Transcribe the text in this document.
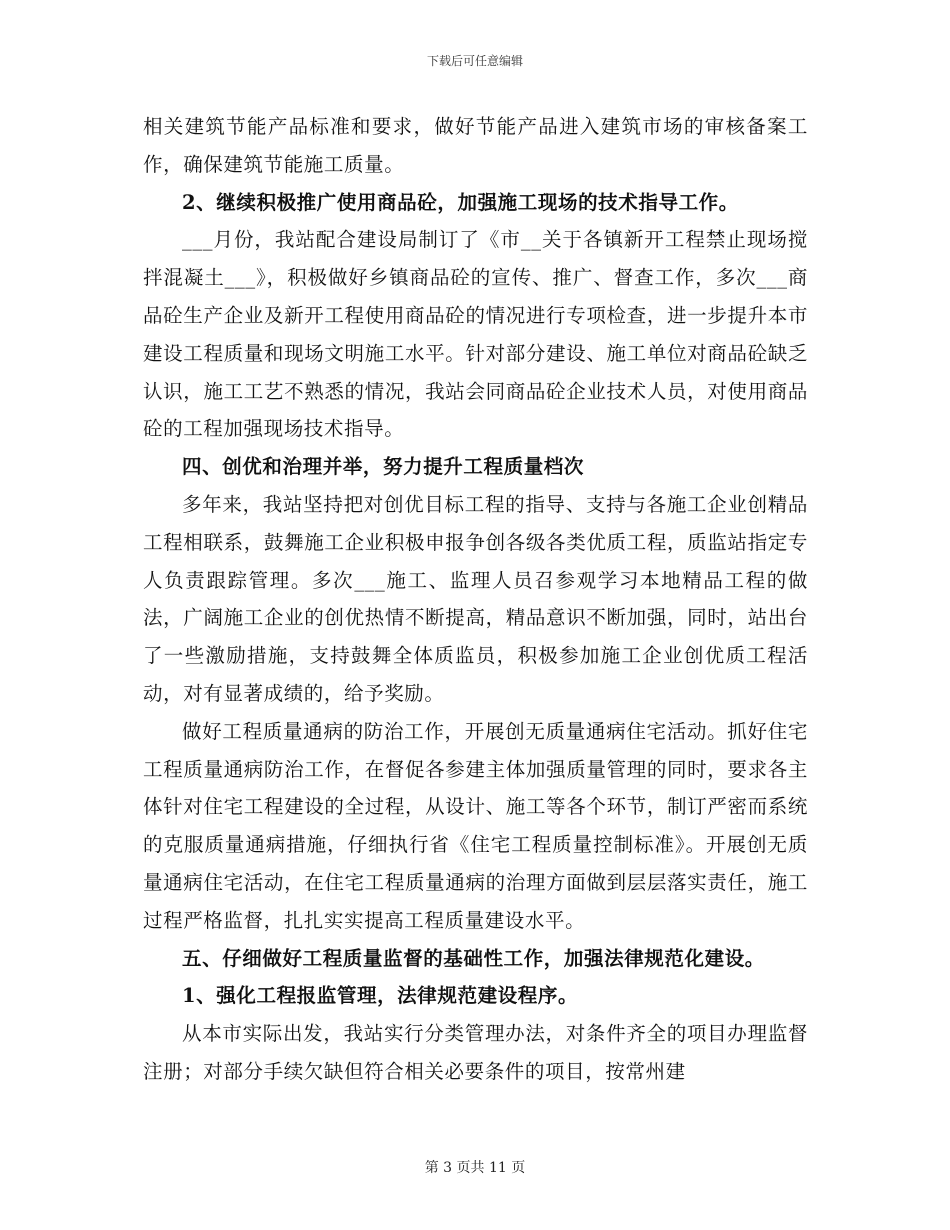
下载后可任意编辑

相关建筑节能产品标准和要求，做好节能产品进入建筑市场的审核备案工作，确保建筑节能施工质量。

2、继续积极推广使用商品砼，加强施工现场的技术指导工作。

___月份，我站配合建设局制订了《市__关于各镇新开工程禁止现场搅拌混凝土___》，积极做好乡镇商品砼的宣传、推广、督查工作，多次___商品砼生产企业及新开工程使用商品砼的情况进行专项检查，进一步提升本市建设工程质量和现场文明施工水平。针对部分建设、施工单位对商品砼缺乏认识，施工工艺不熟悉的情况，我站会同商品砼企业技术人员，对使用商品砼的工程加强现场技术指导。

四、创优和治理并举，努力提升工程质量档次

多年来，我站坚持把对创优目标工程的指导、支持与各施工企业创精品工程相联系，鼓舞施工企业积极申报争创各级各类优质工程，质监站指定专人负责跟踪管理。多次___施工、监理人员召参观学习本地精品工程的做法，广阔施工企业的创优热情不断提高，精品意识不断加强，同时，站出台了一些激励措施，支持鼓舞全体质监员，积极参加施工企业创优质工程活动，对有显著成绩的，给予奖励。

做好工程质量通病的防治工作，开展创无质量通病住宅活动。抓好住宅工程质量通病防治工作，在督促各参建主体加强质量管理的同时，要求各主体针对住宅工程建设的全过程，从设计、施工等各个环节，制订严密而系统的克服质量通病措施，仔细执行省《住宅工程质量控制标准》。开展创无质量通病住宅活动，在住宅工程质量通病的治理方面做到层层落实责任，施工过程严格监督，扎扎实实提高工程质量建设水平。

五、仔细做好工程质量监督的基础性工作，加强法律规范化建设。

1、强化工程报监管理，法律规范建设程序。

从本市实际出发，我站实行分类管理办法，对条件齐全的项目办理监督注册；对部分手续欠缺但符合相关必要条件的项目，按常州建

第 3 页共 11 页
